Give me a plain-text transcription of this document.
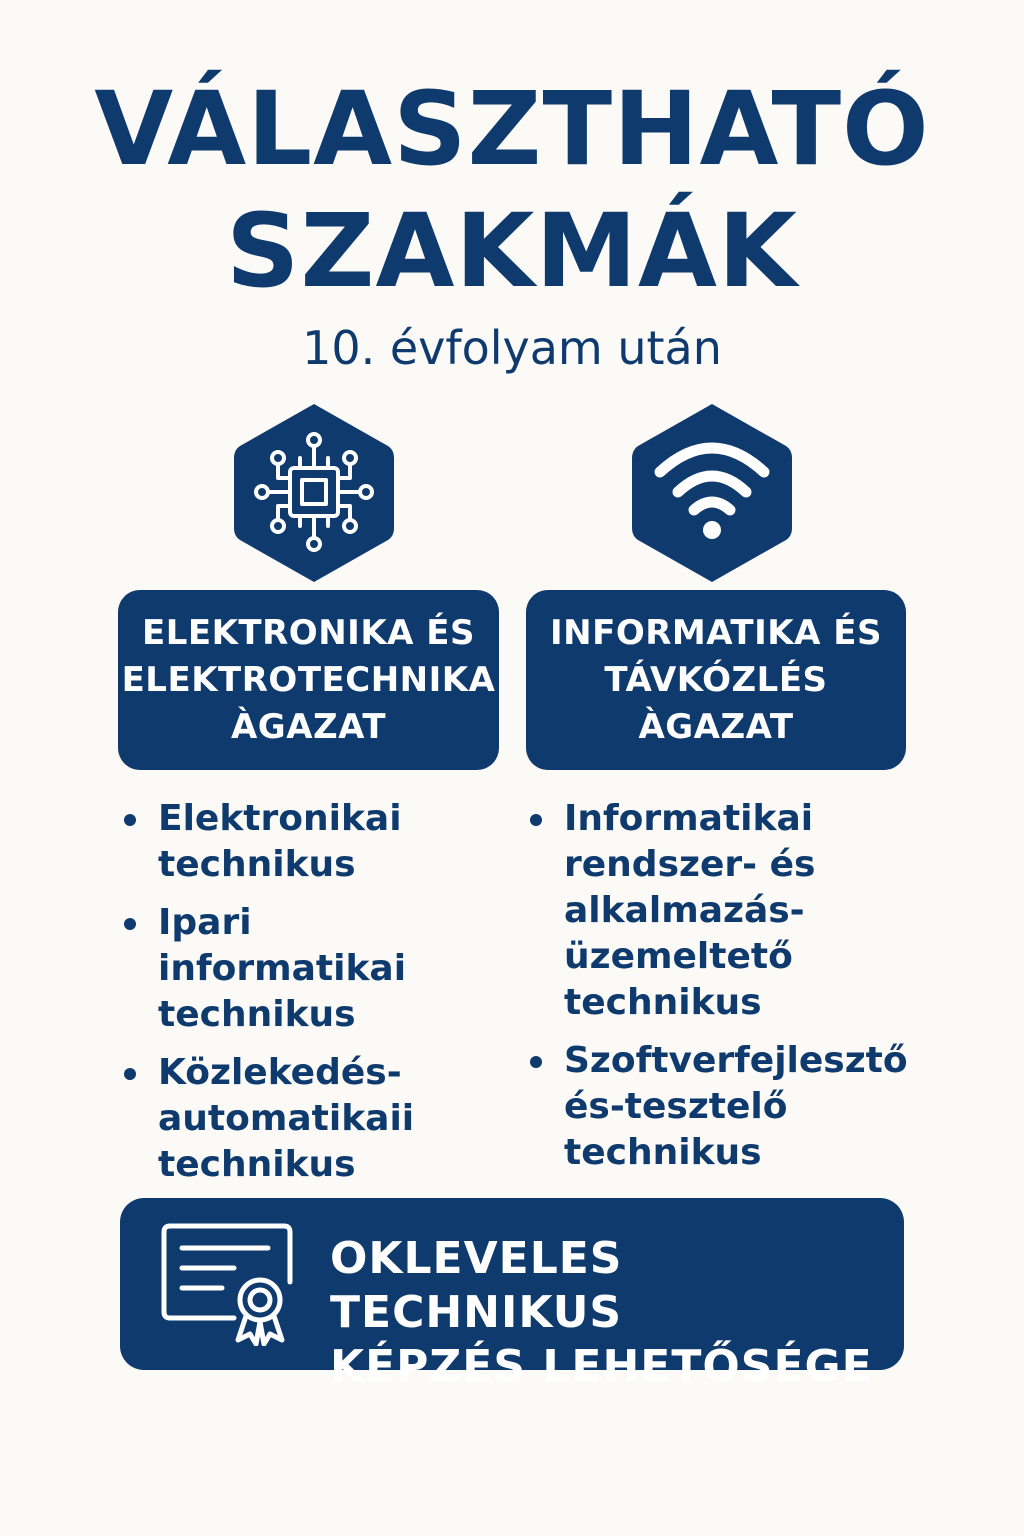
VÁLASZTHATÓ
SZAKMÁK
10. évfolyam után
ELEKTRONIKA ÉS
ELEKTROTECHNIKA
ÀGAZAT
INFORMATIKA ÉS
TÁVKÓZLÉS
ÀGAZAT
Elektronikai
technikus
Ipari informatikai
technikus
Közlekedés-
automatikaii
technikus
Informatikai
rendszer- és
alkalmazás-
üzemeltető
technikus
Szoftverfejlesztő
és-tesztelő
technikus
OKLEVELES TECHNIKUS
KÉPZÉS LEHETŐSÉGE
